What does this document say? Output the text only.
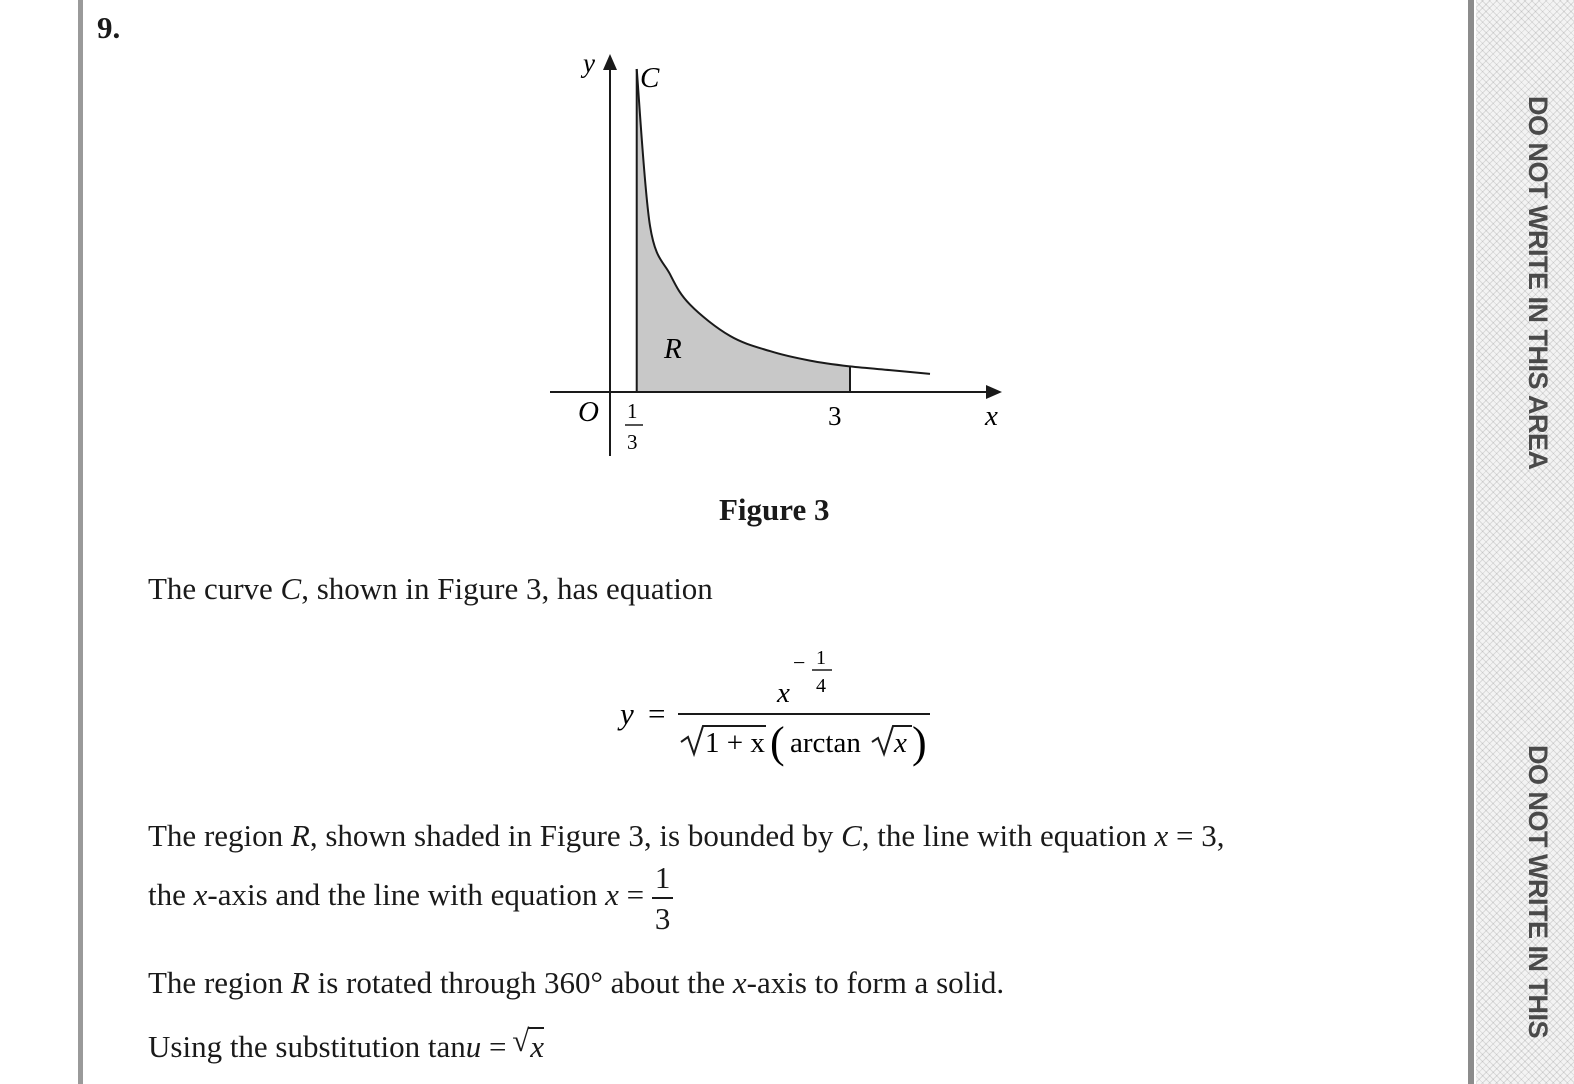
DO NOT WRITE IN THIS AREA
DO NOT WRITE IN THIS
9.
y C
R
O 1
3
3	x
y =
x
− 1
4
1 + x ( arctan x )
Figure 3
The curve C, shown in Figure 3, has equation
The region R, shown shaded in Figure 3, is bounded by C, the line with equation x = 3,
the x-axis and the line with equation $x = \frac{1}{3}$
The region R is rotated through 360° about the x-axis to form a solid.
Using the substitution tanu =
√ x
